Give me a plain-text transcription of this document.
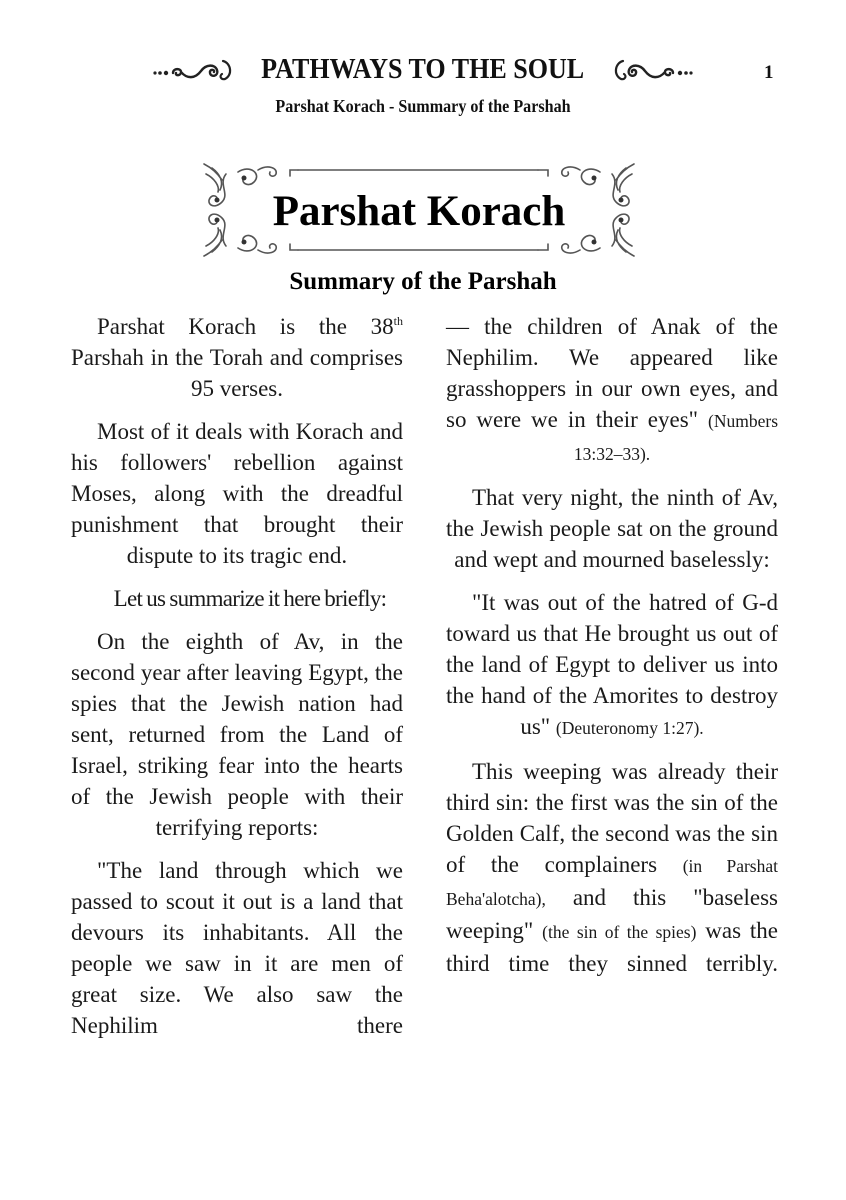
PATHWAYS TO THE SOUL	1
Parshat Korach - Summary of the Parshah
Parshat Korach
Summary of the Parshah

Parshat Korach is the 38th Parshah in the Torah and comprises 95 verses.

Most of it deals with Korach and his followers' rebellion against Moses, along with the dreadful punishment that brought their dispute to its tragic end.

Let us summarize it here briefly:

On the eighth of Av, in the second year after leaving Egypt, the spies that the Jewish nation had sent, returned from the Land of Israel, striking fear into the hearts of the Jewish people with their terrifying reports:

"The land through which we passed to scout it out is a land that devours its inhabitants. All the people we saw in it are men of great size. We also saw the Nephilim there

— the children of Anak of the Nephilim. We appeared like grasshoppers in our own eyes, and so were we in their eyes" (Numbers 13:32–33).

That very night, the ninth of Av, the Jewish people sat on the ground and wept and mourned baselessly:

"It was out of the hatred of G-d toward us that He brought us out of the land of Egypt to deliver us into the hand of the Amorites to destroy us" (Deuteronomy 1:27).

This weeping was already their third sin: the first was the sin of the Golden Calf, the second was the sin of the complainers (in Parshat Beha'alotcha), and this "baseless weeping" (the sin of the spies) was the third time they sinned terribly.
